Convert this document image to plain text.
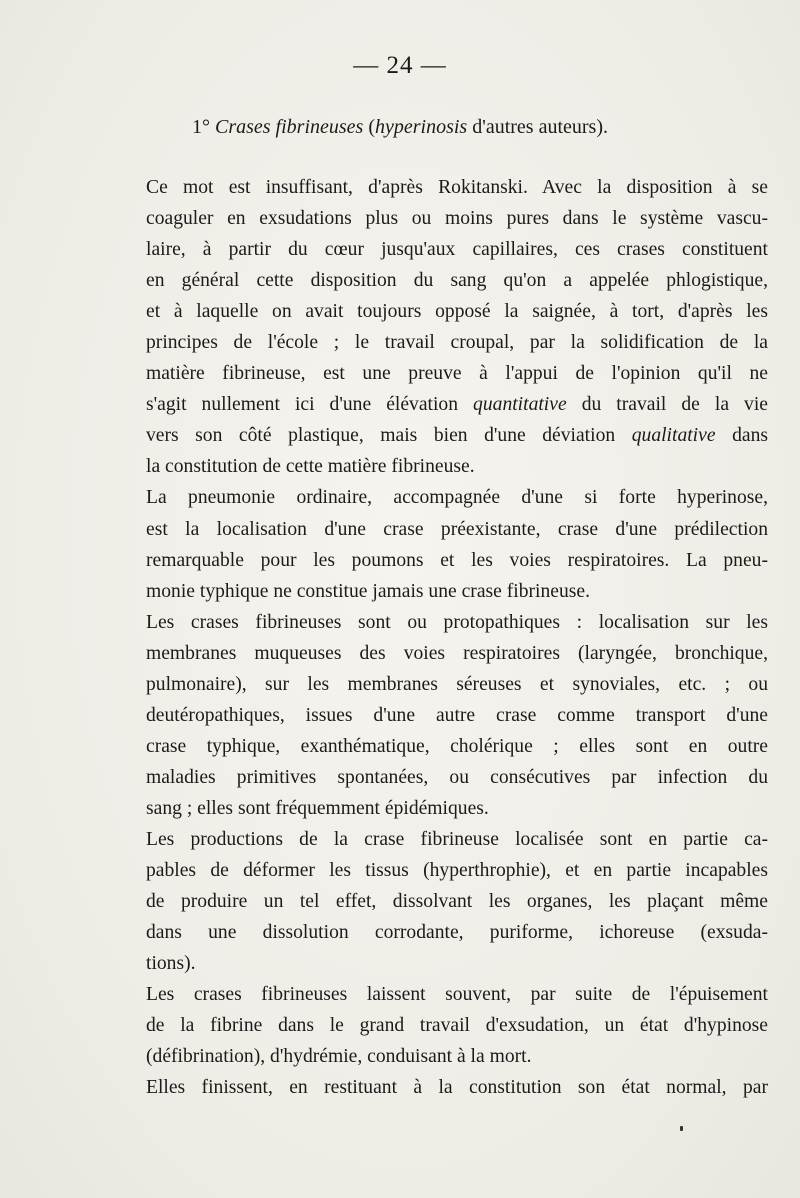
— 24 —
1° Crases fibrineuses (hyperinosis d'autres auteurs).

Ce mot est insuffisant, d'après Rokitanski. Avec la disposition à se
coaguler en exsudations plus ou moins pures dans le système vascu-
laire, à partir du cœur jusqu'aux capillaires, ces crases constituent
en général cette disposition du sang qu'on a appelée phlogistique,
et à laquelle on avait toujours opposé la saignée, à tort, d'après les
principes de l'école ; le travail croupal, par la solidification de la
matière fibrineuse, est une preuve à l'appui de l'opinion qu'il ne
s'agit nullement ici d'une élévation quantitative du travail de la vie
vers son côté plastique, mais bien d'une déviation qualitative dans
la constitution de cette matière fibrineuse.

La pneumonie ordinaire, accompagnée d'une si forte hyperinose,
est la localisation d'une crase préexistante, crase d'une prédilection
remarquable pour les poumons et les voies respiratoires. La pneu-
monie typhique ne constitue jamais une crase fibrineuse.

Les crases fibrineuses sont ou protopathiques : localisation sur les
membranes muqueuses des voies respiratoires (laryngée, bronchique,
pulmonaire), sur les membranes séreuses et synoviales, etc. ; ou
deutéropathiques, issues d'une autre crase comme transport d'une
crase typhique, exanthématique, cholérique ; elles sont en outre
maladies primitives spontanées, ou consécutives par infection du
sang ; elles sont fréquemment épidémiques.

Les productions de la crase fibrineuse localisée sont en partie ca-
pables de déformer les tissus (hyperthrophie), et en partie incapables
de produire un tel effet, dissolvant les organes, les plaçant même
dans une dissolution corrodante, puriforme, ichoreuse (exsuda-
tions).

Les crases fibrineuses laissent souvent, par suite de l'épuisement
de la fibrine dans le grand travail d'exsudation, un état d'hypinose
(défibrination), d'hydrémie, conduisant à la mort.

Elles finissent, en restituant à la constitution son état normal, par
